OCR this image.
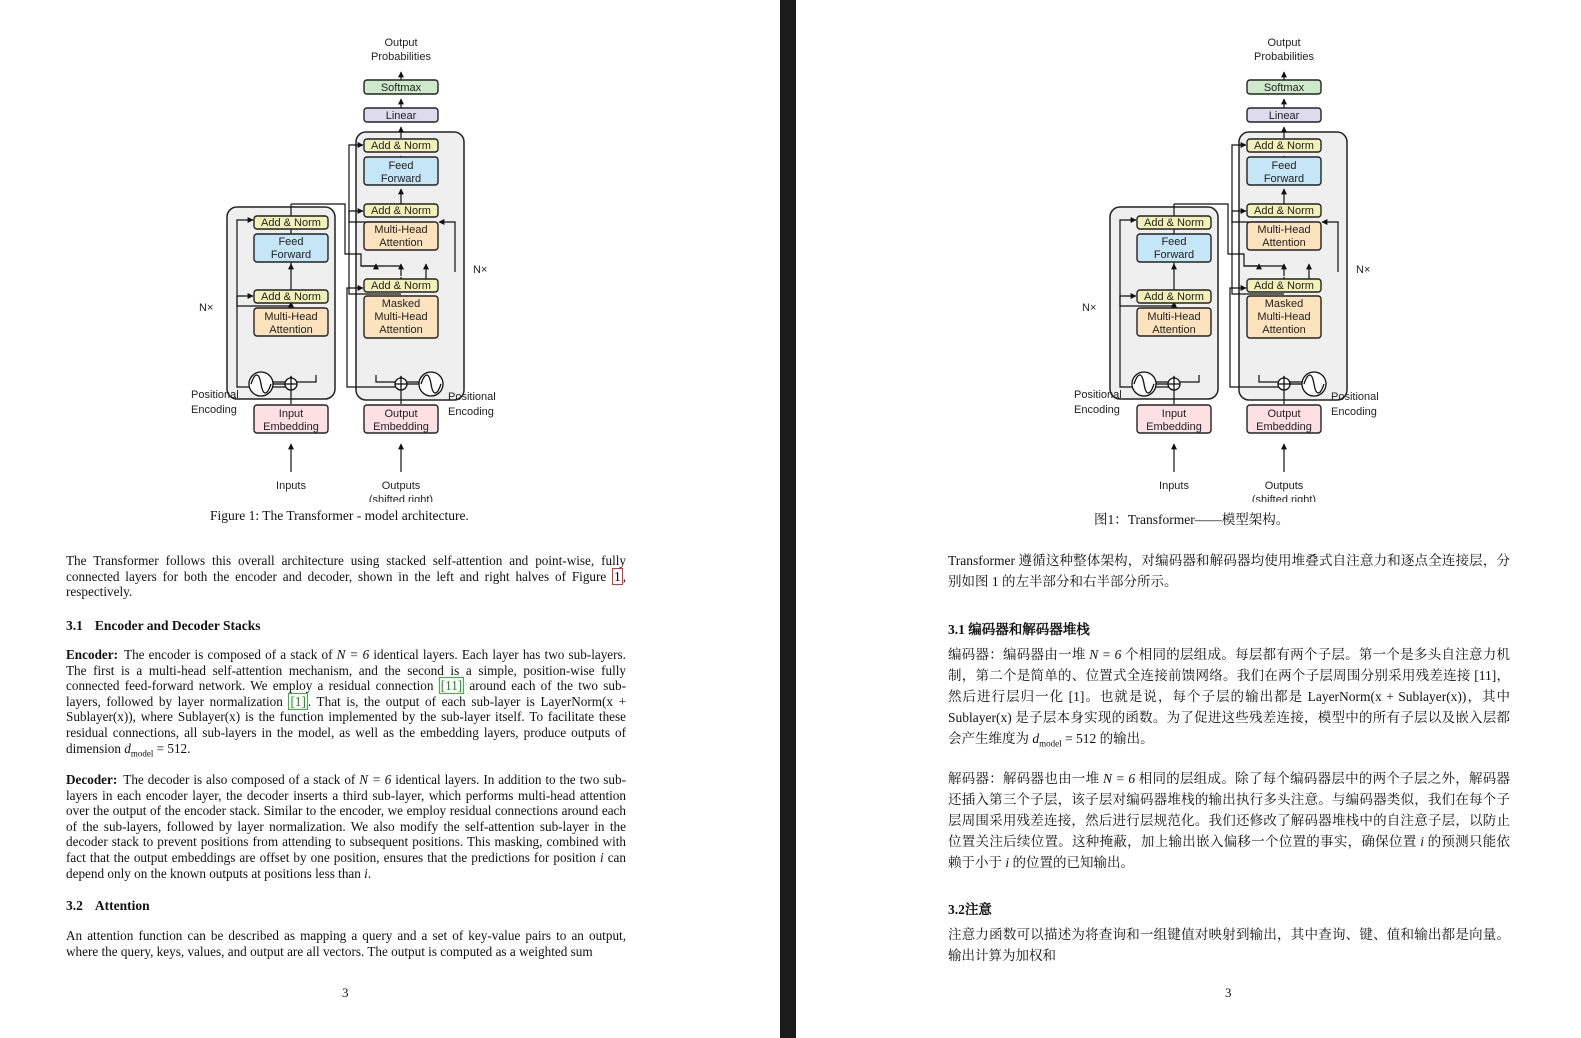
Output
Probabilities
Softmax
Linear
Add & Norm
Feed
Forward
Add & Norm
Multi-Head
Attention
Add & Norm
Masked
Multi-Head
Attention
Add & Norm
Feed
Forward
Add & Norm
Multi-Head
Attention
Input
Embedding
Output
Embedding
Inputs	Outputs
(shifted right)
N×
N×
Positional
Encoding
Positional
Encoding
Figure 1: The Transformer - model architecture.
The Transformer follows this overall architecture using stacked self-attention and point-wise, fully connected layers for both the encoder and decoder, shown in the left and right halves of Figure 1 , respectively.
3.1 Encoder and Decoder Stacks
Encoder: The encoder is composed of a stack of N = 6 identical layers. Each layer has two sub-layers. The first is a multi-head self-attention mechanism, and the second is a simple, position-wise fully connected feed-forward network. We employ a residual connection [11] around each of the two sub-layers, followed by layer normalization [1] . That is, the output of each sub-layer is LayerNorm(x + Sublayer(x)), where Sublayer(x) is the function implemented by the sub-layer itself. To facilitate these residual connections, all sub-layers in the model, as well as the embedding layers, produce outputs of dimension $d_{model} = 512$.
Decoder: The decoder is also composed of a stack of N = 6 identical layers. In addition to the two sub-layers in each encoder layer, the decoder inserts a third sub-layer, which performs multi-head attention over the output of the encoder stack. Similar to the encoder, we employ residual connections around each of the sub-layers, followed by layer normalization. We also modify the self-attention sub-layer in the decoder stack to prevent positions from attending to subsequent positions. This masking, combined with fact that the output embeddings are offset by one position, ensures that the predictions for position i can depend only on the known outputs at positions less than i.
3.2 Attention
An attention function can be described as mapping a query and a set of key-value pairs to an output, where the query, keys, values, and output are all vectors. The output is computed as a weighted sum
3
Output
Probabilities
Softmax
Linear
Add & Norm
Feed
Forward
Add & Norm
Multi-Head
Attention
Add & Norm
Masked
Multi-Head
Attention
Add & Norm
Feed
Forward
Add & Norm
Multi-Head
Attention
Input
Embedding
Output
Embedding
Inputs	Outputs
(shifted right)
N×
N×
Positional
Encoding
Positional
Encoding
图1：Transformer——模型架构。
Transformer 遵循这种整体架构，对编码器和解码器均使用堆叠式自注意力和逐点全连接层，分别如图 1 的左半部分和右半部分所示。
3.1 编码器和解码器堆栈
编码器：编码器由一堆 N = 6 个相同的层组成。每层都有两个子层。第一个是多头自注意力机制，第二个是简单的、位置式全连接前馈网络。我们在两个子层周围分别采用残差连接 [11]，然后进行层归一化 [1]。也就是说，每个子层的输出都是 LayerNorm(x + Sublayer(x))，其中 Sublayer(x) 是子层本身实现的函数。为了促进这些残差连接，模型中的所有子层以及嵌入层都会产生维度为 $d_{model} = 512$ 的输出。
解码器：解码器也由一堆 N = 6 相同的层组成。除了每个编码器层中的两个子层之外，解码器还插入第三个子层，该子层对编码器堆栈的输出执行多头注意。与编码器类似，我们在每个子层周围采用残差连接，然后进行层规范化。我们还修改了解码器堆栈中的自注意子层，以防止位置关注后续位置。这种掩蔽，加上输出嵌入偏移一个位置的事实，确保位置 i 的预测只能依赖于小于 i 的位置的已知输出。
3.2注意
注意力函数可以描述为将查询和一组键值对映射到输出，其中查询、键、值和输出都是向量。输出计算为加权和
3
